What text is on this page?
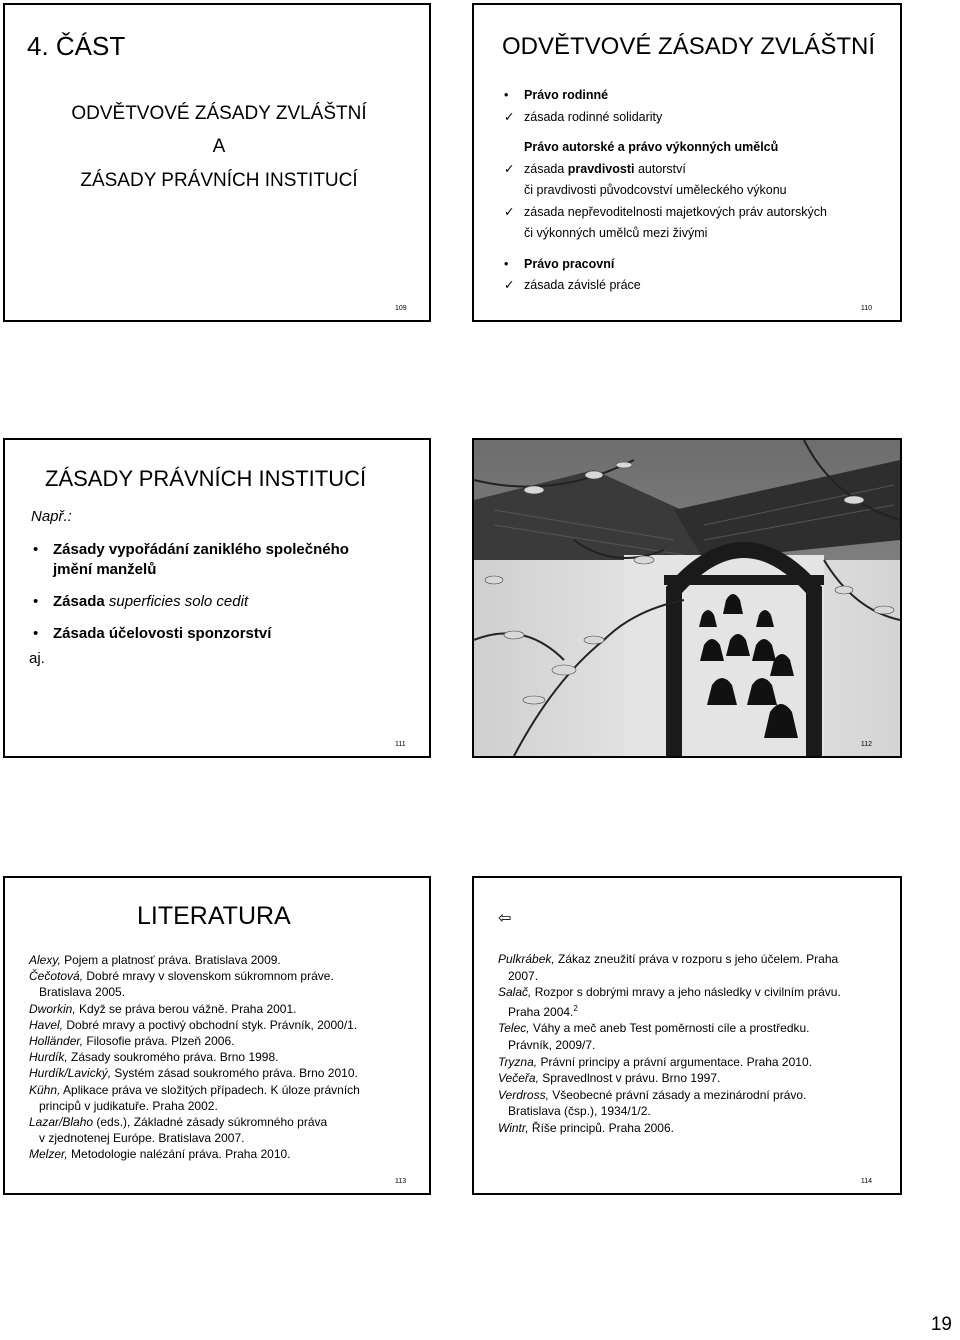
4. ČÁST
ODVĚTVOVÉ ZÁSADY ZVLÁŠTNÍ
A
ZÁSADY PRÁVNÍCH INSTITUCÍ
109
ODVĚTVOVÉ ZÁSADY ZVLÁŠTNÍ
•	Právo rodinné
✓ zásada rodinné solidarity
Právo autorské a právo výkonných umělců
✓ zásada pravdivosti autorství
či pravdivosti původcovství uměleckého výkonu
✓ zásada nepřevoditelnosti majetkových práv autorských
či výkonných umělců mezi živými
•	Právo pracovní
✓ zásada závislé práce
110
ZÁSADY PRÁVNÍCH INSTITUCÍ
Např.:
• Zásady vypořádání zaniklého společného
jmění manželů
• Zásada superficies solo cedit
• Zásada účelovosti sponzorství
aj.
111	112
LITERATURA

Alexy, Pojem a platnosť práva. Bratislava 2009.

Čečotová, Dobré mravy v slovenskom súkromnom práve.

Bratislava 2005.

Dworkin, Když se práva berou vážně. Praha 2001.

Havel, Dobré mravy a poctivý obchodní styk. Právník, 2000/1.

Holländer, Filosofie práva. Plzeň 2006.

Hurdík, Zásady soukromého práva. Brno 1998.

Hurdík/Lavický, Systém zásad soukromého práva. Brno 2010.

Kühn, Aplikace práva ve složitých případech. K úloze právních

principů v judikatuře. Praha 2002.

Lazar/Blaho (eds.), Základné zásady súkromného práva

v zjednotenej Európe. Bratislava 2007.

Melzer, Metodologie nalézání práva. Praha 2010.

113
⇦

Pulkrábek, Zákaz zneužití práva v rozporu s jeho účelem. Praha

2007.

Salač, Rozpor s dobrými mravy a jeho následky v civilním právu.

Praha 2004.$^2$

Telec, Váhy a meč aneb Test poměrnosti cíle a prostředku.

Právník, 2009/7.

Tryzna, Právní principy a právní argumentace. Praha 2010.

Večeřa, Spravedlnost v právu. Brno 1997.

Verdross, Všeobecné právní zásady a mezinárodní právo.

Bratislava (čsp.), 1934/1/2.

Wintr, Říše principů. Praha 2006.

114
19
